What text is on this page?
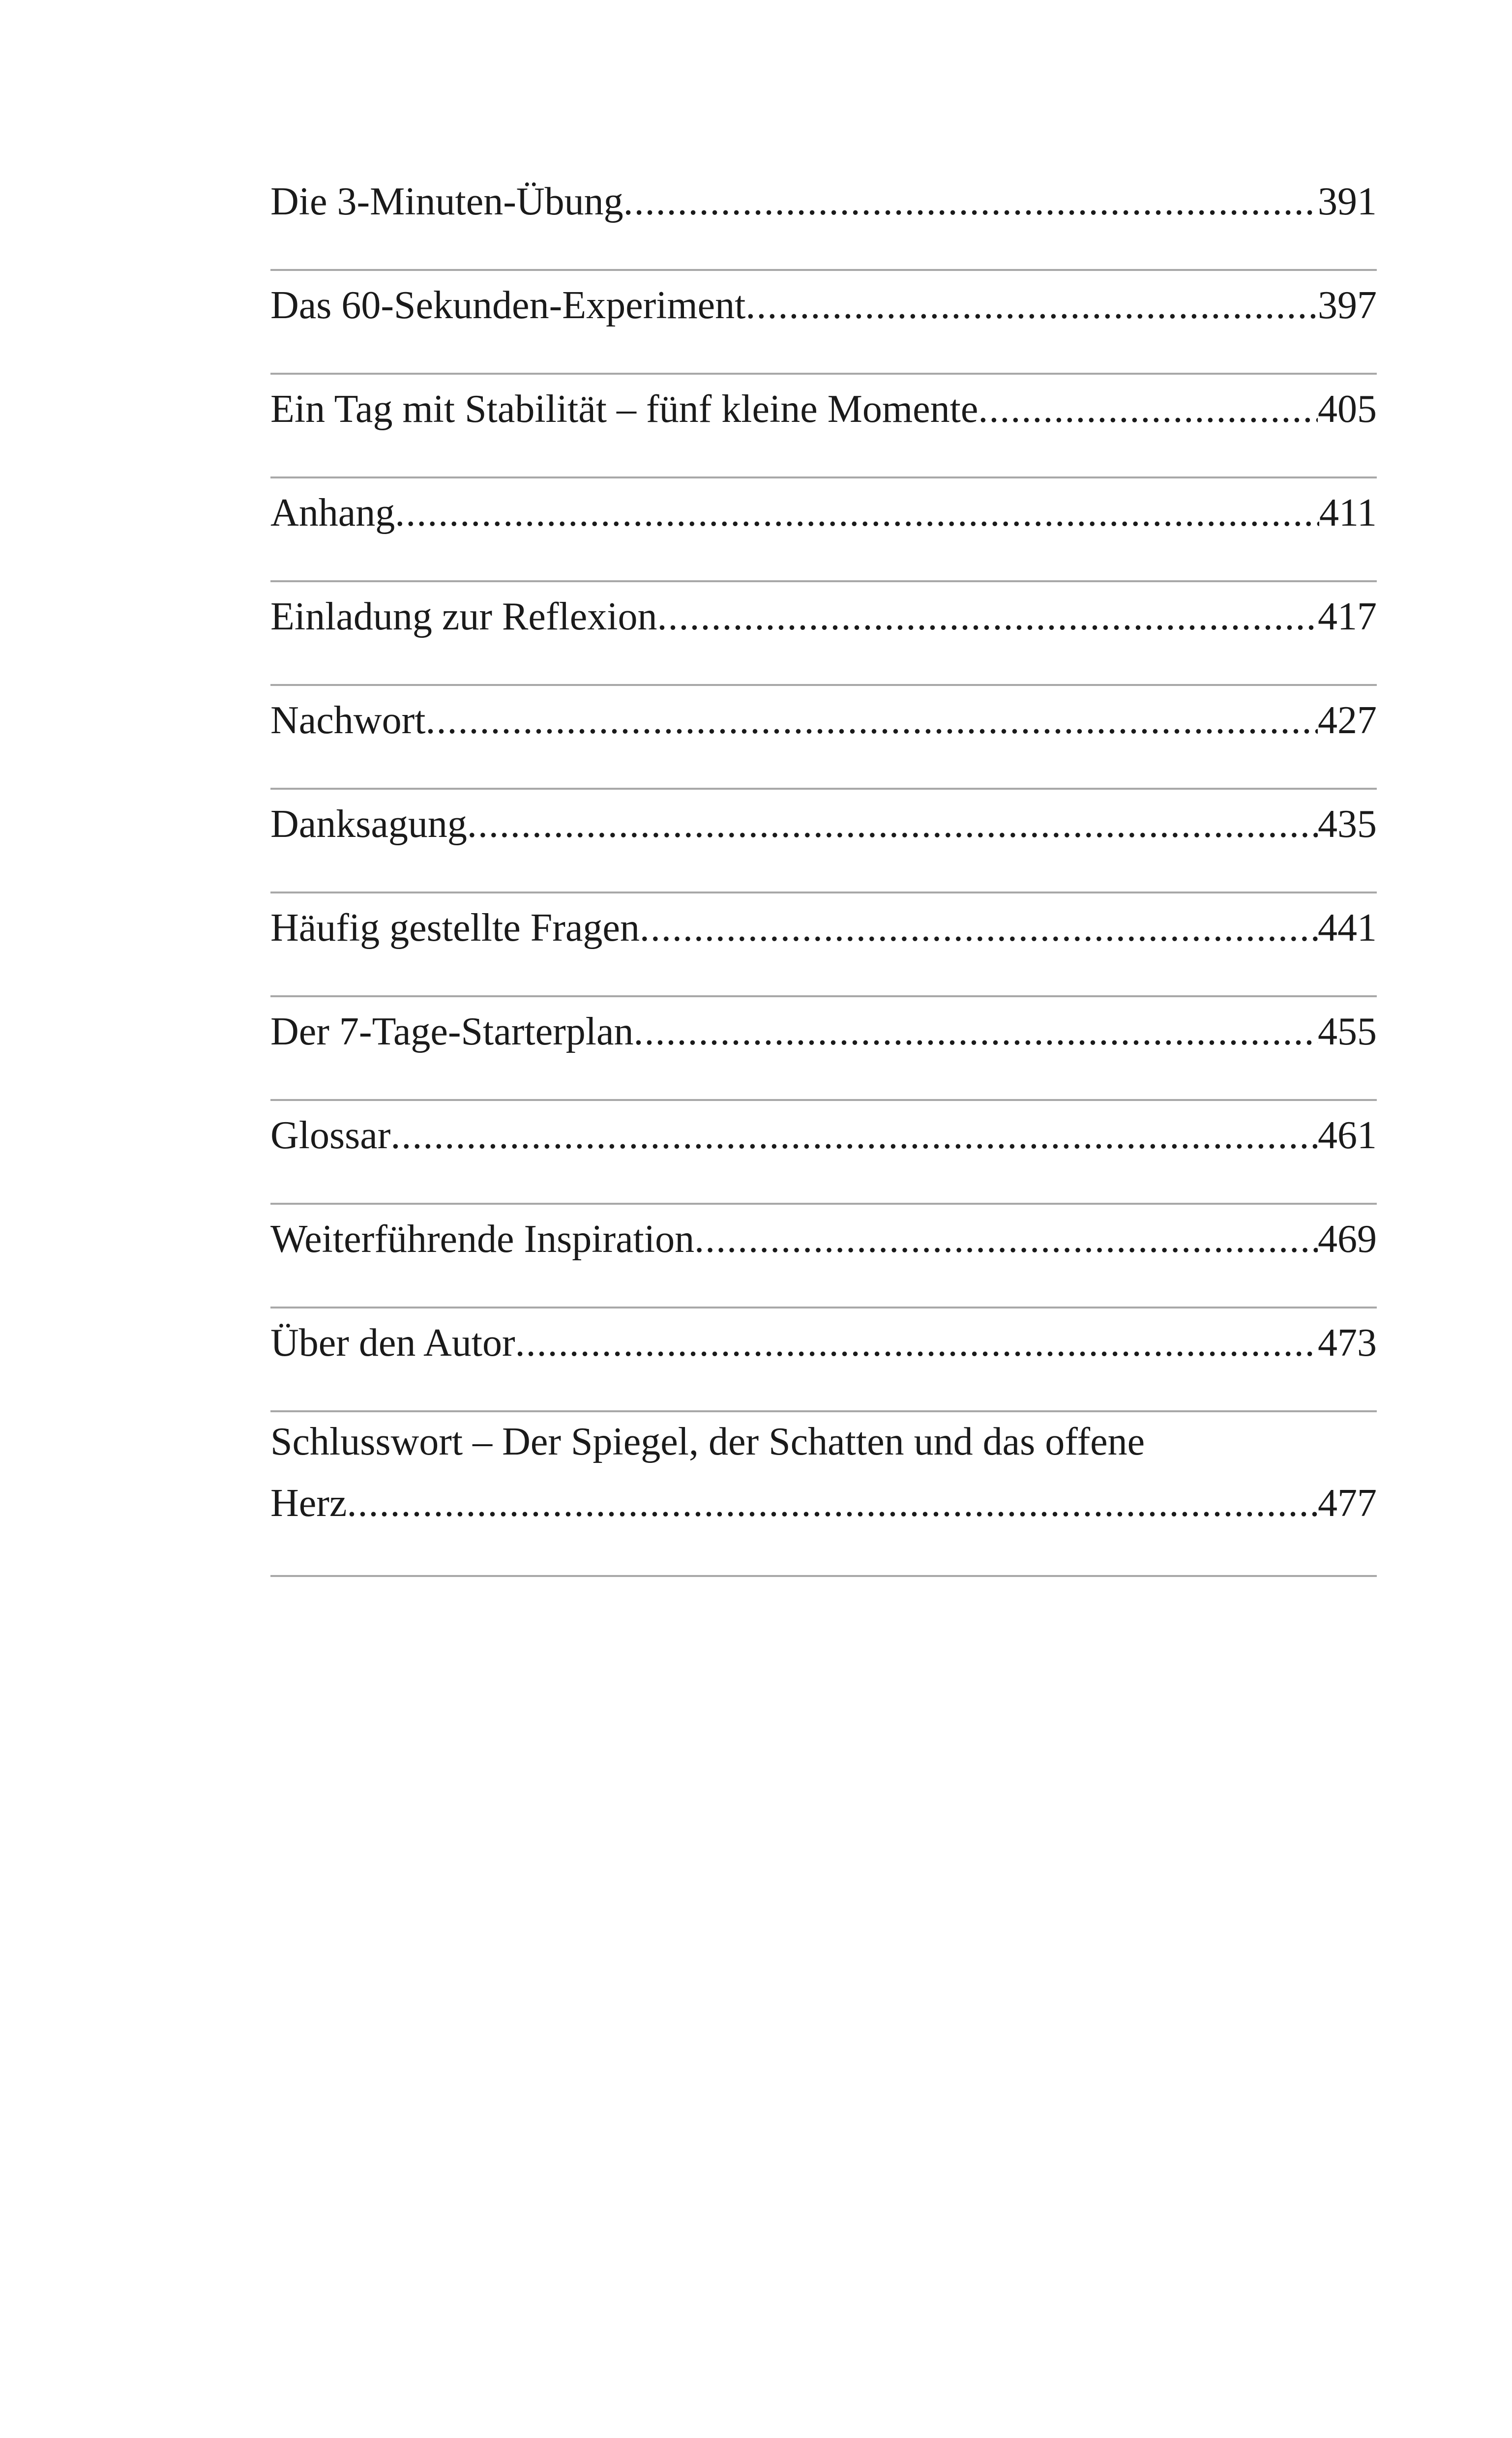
Die 3-Minuten-Übung .....	391
Das 60-Sekunden-Experiment .....	397
Ein Tag mit Stabilität – fünf kleine Momente .....	405
Anhang .....	411
Einladung zur Reflexion .....	417
Nachwort .....	427
Danksagung .....	435
Häufig gestellte Fragen .....	441
Der 7-Tage-Starterplan .....	455
Glossar .....	461
Weiterführende Inspiration .....	469
Über den Autor .....	473
Schlusswort – Der Spiegel, der Schatten und das offene
Herz .....	477
